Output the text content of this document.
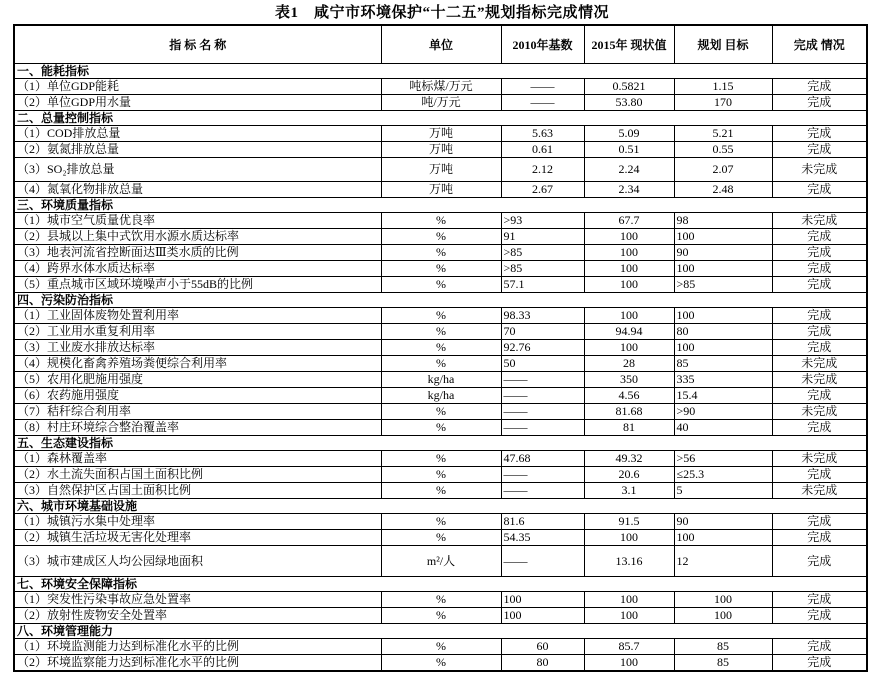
表1　咸宁市环境保护“十二五”规划指标完成情况
指 标 名 称	单位	2010年基数	2015年 现状值	规划 目标	完成 情况
一、能耗指标					
（1）单位GDP能耗	吨标煤/万元	——	0.5821	1.15	完成
（2）单位GDP用水量	吨/万元	——	53.80	170	完成
二、总量控制指标					
（1）COD排放总量	万吨	5.63	5.09	5.21	完成
（2）氨氮排放总量	万吨	0.61	0.51	0.55	完成
（3）SO₂排放总量	万吨	2.12	2.24	2.07	未完成
（4）氮氧化物排放总量	万吨	2.67	2.34	2.48	完成
三、环境质量指标					
（1）城市空气质量优良率	%	>93	67.7	98	未完成
（2）县城以上集中式饮用水源水质达标率	%	91	100	100	完成
（3）地表河流省控断面达Ⅲ类水质的比例	%	>85	100	90	完成
（4）跨界水体水质达标率	%	>85	100	100	完成
（5）重点城市区域环境噪声小于55dB的比例	%	57.1	100	>85	完成
四、污染防治指标					
（1）工业固体废物处置利用率	%	98.33	100	100	完成
（2）工业用水重复利用率	%	70	94.94	80	完成
（3）工业废水排放达标率	%	92.76	100	100	完成
（4）规模化畜禽养殖场粪便综合利用率	%	50	28	85	未完成
（5）农用化肥施用强度	kg/ha	——	350	335	未完成
（6）农药施用强度	kg/ha	——	4.56	15.4	完成
（7）秸秆综合利用率	%	——	81.68	>90	未完成
（8）村庄环境综合整治覆盖率	%	——	81	40	完成
五、生态建设指标					
（1）森林覆盖率	%	47.68	49.32	>56	未完成
（2）水土流失面积占国土面积比例	%	——	20.6	≤25.3	完成
（3）自然保护区占国土面积比例	%	——	3.1	5	未完成
六、城市环境基础设施					
（1）城镇污水集中处理率	%	81.6	91.5	90	完成
（2）城镇生活垃圾无害化处理率	%	54.35	100	100	完成
（3）城市建成区人均公园绿地面积	m²/人	——	13.16	12	完成
七、环境安全保障指标					
（1）突发性污染事故应急处置率	%	100	100	100	完成
（2）放射性废物安全处置率	%	100	100	100	完成
八、环境管理能力					
（1）环境监测能力达到标准化水平的比例	%	60	85.7	85	完成
（2）环境监察能力达到标准化水平的比例	%	80	100	85	完成
